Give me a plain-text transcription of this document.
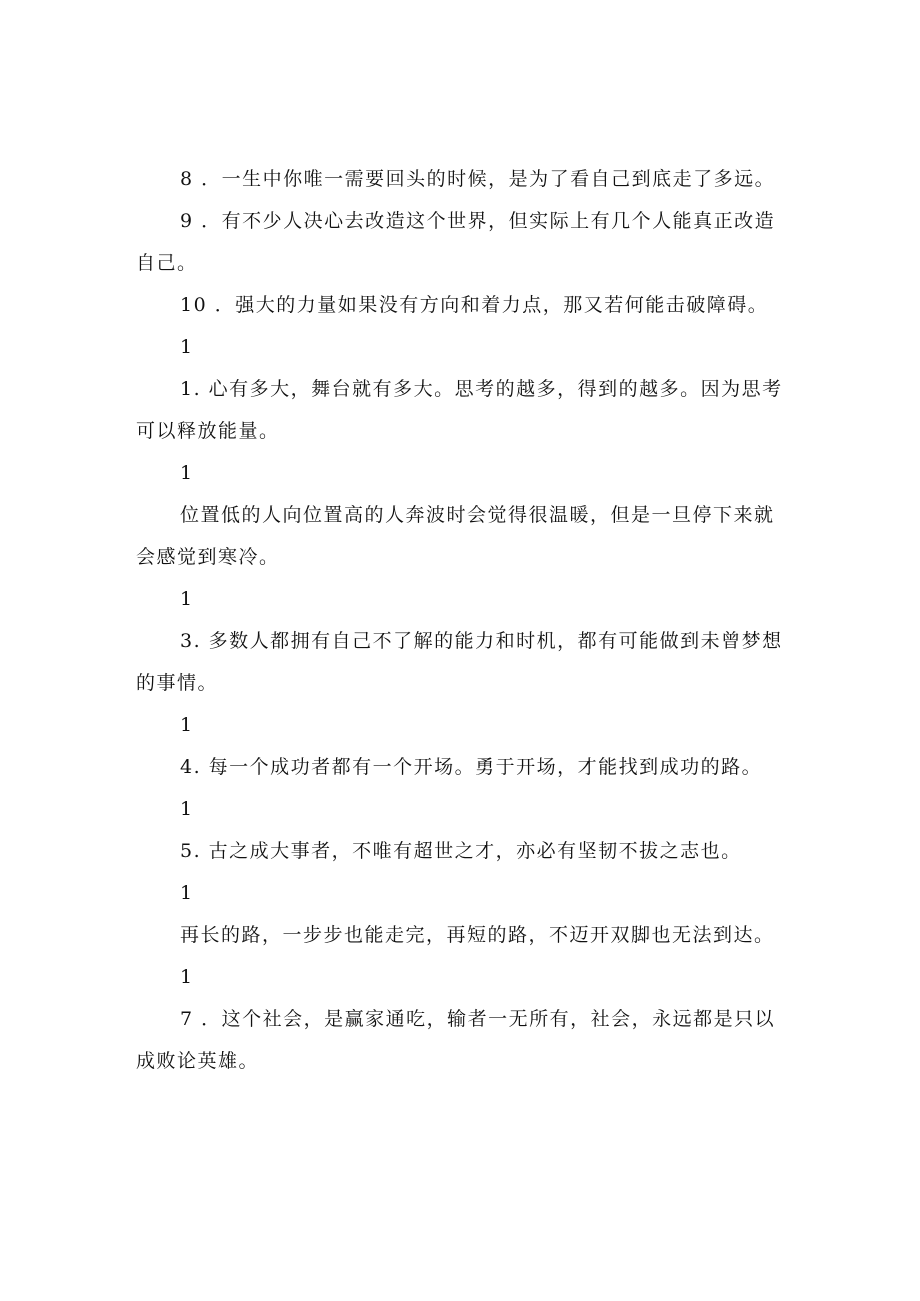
8 ．一生中你唯一需要回头的时候，是为了看自己到底走了多远。

9 ．有不少人决心去改造这个世界，但实际上有几个人能真正改造自己。

10 ．强大的力量如果没有方向和着力点，那又若何能击破障碍。

1

1. 心有多大，舞台就有多大。思考的越多，得到的越多。因为思考可以释放能量。

1

位置低的人向位置高的人奔波时会觉得很温暖，但是一旦停下来就会感觉到寒冷。

1

3. 多数人都拥有自己不了解的能力和时机，都有可能做到未曾梦想的事情。

1

4. 每一个成功者都有一个开场。勇于开场，才能找到成功的路。

1

5. 古之成大事者，不唯有超世之才，亦必有坚韧不拔之志也。

1

再长的路，一步步也能走完，再短的路，不迈开双脚也无法到达。

1

7 ．这个社会，是赢家通吃，输者一无所有，社会，永远都是只以成败论英雄。
